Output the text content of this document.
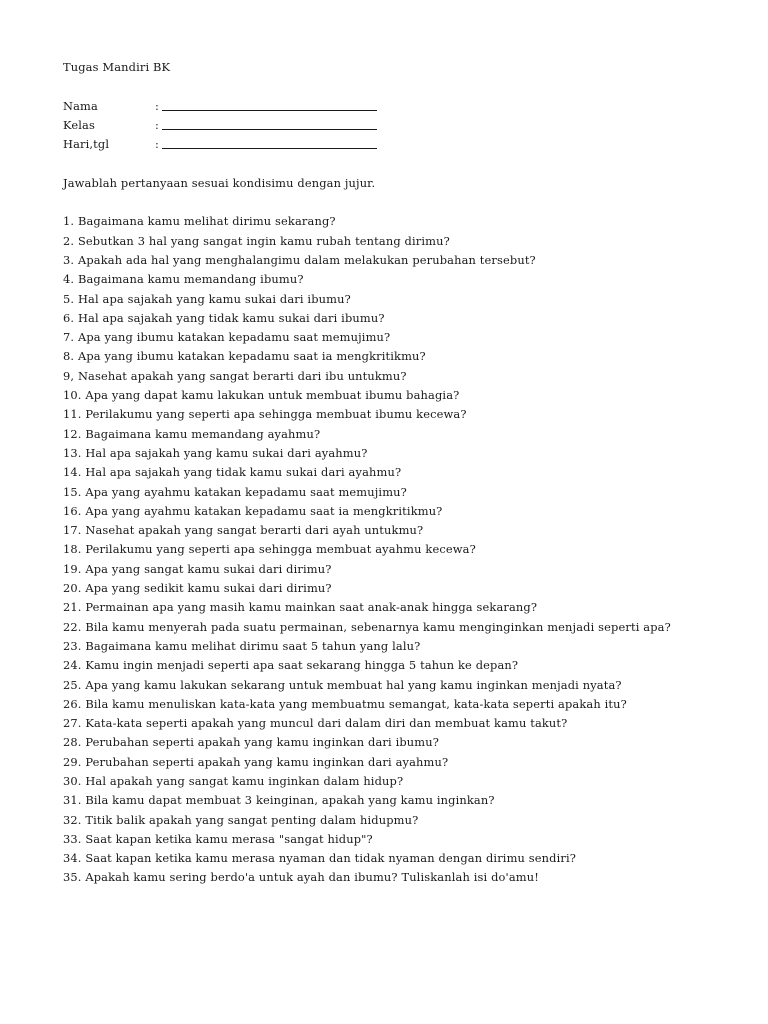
Tugas Mandiri BK
Nama	:
Kelas	:
Hari,tgl	:
Jawablah pertanyaan sesuai kondisimu dengan jujur.
1. Bagaimana kamu melihat dirimu sekarang?
2. Sebutkan 3 hal yang sangat ingin kamu rubah tentang dirimu?
3. Apakah ada hal yang menghalangimu dalam melakukan perubahan tersebut?
4. Bagaimana kamu memandang ibumu?
5. Hal apa sajakah yang kamu sukai dari ibumu?
6. Hal apa sajakah yang tidak kamu sukai dari ibumu?
7. Apa yang ibumu katakan kepadamu saat memujimu?
8. Apa yang ibumu katakan kepadamu saat ia mengkritikmu?
9, Nasehat apakah yang sangat berarti dari ibu untukmu?
10. Apa yang dapat kamu lakukan untuk membuat ibumu bahagia?
11. Perilakumu yang seperti apa sehingga membuat ibumu kecewa?
12. Bagaimana kamu memandang ayahmu?
13. Hal apa sajakah yang kamu sukai dari ayahmu?
14. Hal apa sajakah yang tidak kamu sukai dari ayahmu?
15. Apa yang ayahmu katakan kepadamu saat memujimu?
16. Apa yang ayahmu katakan kepadamu saat ia mengkritikmu?
17. Nasehat apakah yang sangat berarti dari ayah untukmu?
18. Perilakumu yang seperti apa sehingga membuat ayahmu kecewa?
19. Apa yang sangat kamu sukai dari dirimu?
20. Apa yang sedikit kamu sukai dari dirimu?
21. Permainan apa yang masih kamu mainkan saat anak-anak hingga sekarang?
22. Bila kamu menyerah pada suatu permainan, sebenarnya kamu menginginkan menjadi seperti apa?
23. Bagaimana kamu melihat dirimu saat 5 tahun yang lalu?
24. Kamu ingin menjadi seperti apa saat sekarang hingga 5 tahun ke depan?
25. Apa yang kamu lakukan sekarang untuk membuat hal yang kamu inginkan menjadi nyata?
26. Bila kamu menuliskan kata-kata yang membuatmu semangat, kata-kata seperti apakah itu?
27. Kata-kata seperti apakah yang muncul dari dalam diri dan membuat kamu takut?
28. Perubahan seperti apakah yang kamu inginkan dari ibumu?
29. Perubahan seperti apakah yang kamu inginkan dari ayahmu?
30. Hal apakah yang sangat kamu inginkan dalam hidup?
31. Bila kamu dapat membuat 3 keinginan, apakah yang kamu inginkan?
32. Titik balik apakah yang sangat penting dalam hidupmu?
33. Saat kapan ketika kamu merasa "sangat hidup"?
34. Saat kapan ketika kamu merasa nyaman dan tidak nyaman dengan dirimu sendiri?
35. Apakah kamu sering berdo'a untuk ayah dan ibumu? Tuliskanlah isi do'amu!
